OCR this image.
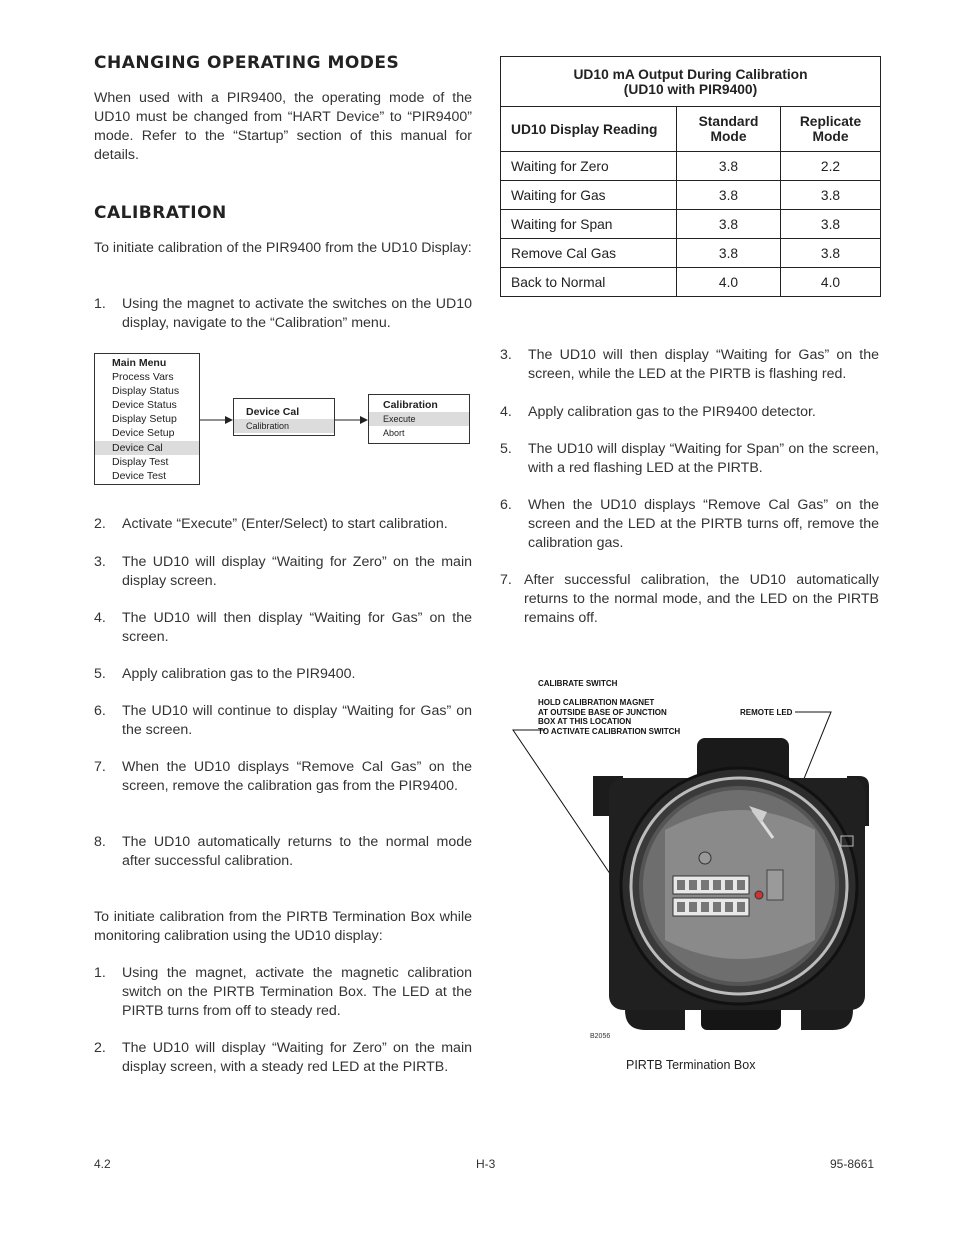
CHANGING OPERATING MODES

When used with a PIR9400, the operating mode of the UD10 must be changed from “HART Device” to “PIR9400” mode. Refer to the “Startup” section of this manual for details.

CALIBRATION

To initiate calibration of the PIR9400 from the UD10 Display:

1. Using the magnet to activate the switches on the UD10 display, navigate to the “Calibration” menu.
Main Menu
Process Vars
Display Status
Device Status
Display Setup
Device Setup
Device Cal
Display Test
Device Test
Device Cal
Calibration
Calibration
Execute
Abort
2. Activate “Execute” (Enter/Select) to start calibration.
3. The UD10 will display “Waiting for Zero” on the main display screen.
4. The UD10 will then display “Waiting for Gas” on the screen.
5. Apply calibration gas to the PIR9400.
6. The UD10 will continue to display “Waiting for Gas” on the screen.
7. When the UD10 displays “Remove Cal Gas” on the screen, remove the calibration gas from the PIR9400.
8. The UD10 automatically returns to the normal mode after successful calibration.

To initiate calibration from the PIRTB Termination Box while monitoring calibration using the UD10 display:

1. Using the magnet, activate the magnetic calibration switch on the PIRTB Termination Box. The LED at the PIRTB turns from off to steady red.
2. The UD10 will display “Waiting for Zero” on the main display screen, with a steady red LED at the PIRTB.
UD10 mA Output During Calibration
(UD10 with PIR9400)		

UD10 Display Reading	Standard Mode	Replicate Mode
Waiting for Zero	3.8	2.2
Waiting for Gas	3.8	3.8
Waiting for Span	3.8	3.8
Remove Cal Gas	3.8	3.8
Back to Normal	4.0	4.0
3. The UD10 will then display “Waiting for Gas” on the screen, while the LED at the PIRTB is flashing red.
4. Apply calibration gas to the PIR9400 detector.
5. The UD10 will display “Waiting for Span” on the screen, with a red flashing LED at the PIRTB.
6. When the UD10 displays “Remove Cal Gas” on the screen and the LED at the PIRTB turns off, remove the calibration gas.
7. After successful calibration, the UD10 automatically returns to the normal mode, and the LED on the PIRTB remains off.
CALIBRATE SWITCH
HOLD CALIBRATION MAGNET
AT OUTSIDE BASE OF JUNCTION
BOX AT THIS LOCATION
TO ACTIVATE CALIBRATION SWITCH
REMOTE LED
B2056
PIRTB Termination Box
4.2	H-3	95-8661
